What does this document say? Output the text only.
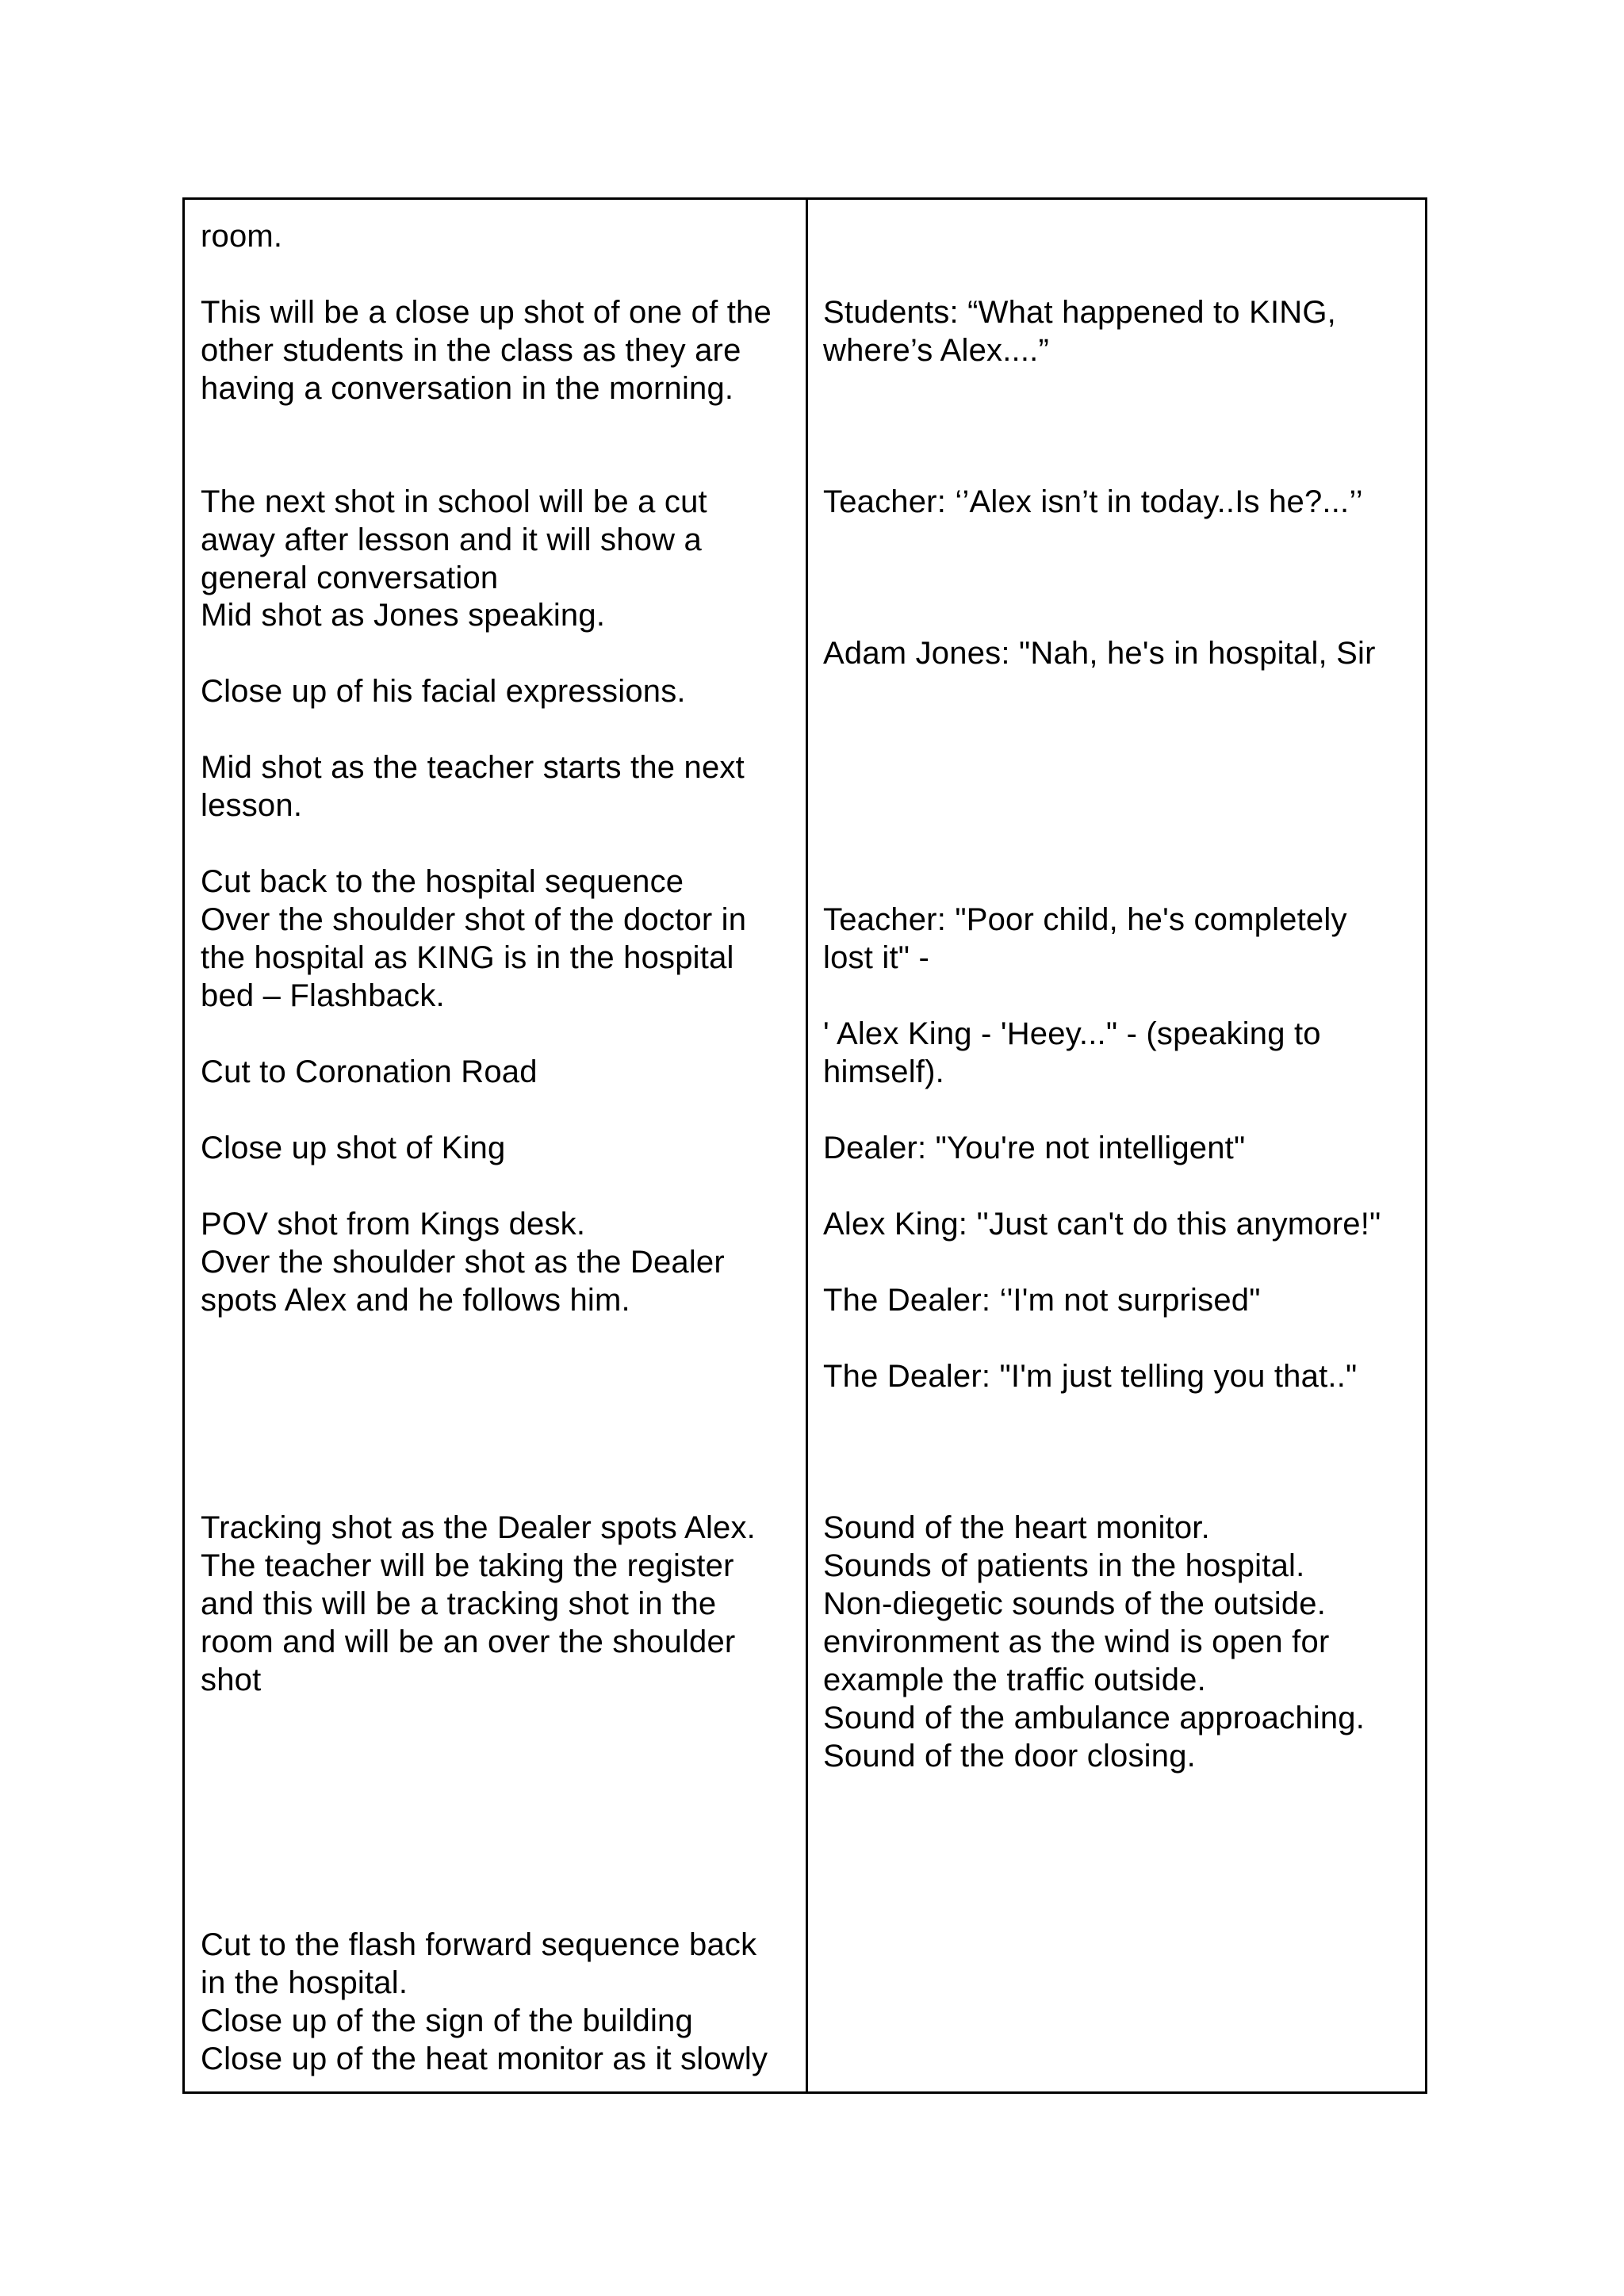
room.
This will be a close up shot of one of the
other students in the class as they are
having a conversation in the morning.
The next shot in school will be a cut
away after lesson and it will show a
general conversation
Mid shot as Jones speaking.
Close up of his facial expressions.
Mid shot as the teacher starts the next
lesson.
Cut back to the hospital sequence
Over the shoulder shot of the doctor in
the hospital as KING is in the hospital
bed – Flashback.
Cut to Coronation Road
Close up shot of King
POV shot from Kings desk.
Over the shoulder shot as the Dealer
spots Alex and he follows him.
Tracking shot as the Dealer spots Alex.
The teacher will be taking the register
and this will be a tracking shot in the
room and will be an over the shoulder
shot
Cut to the flash forward sequence back
in the hospital.
Close up of the sign of the building
Close up of the heat monitor as it slowly
Students: “What happened to KING,
where’s Alex....”
Teacher: ‘’Alex isn’t in today..Is he?...’’
Adam Jones: "Nah, he's in hospital, Sir
Teacher: "Poor child, he's completely
lost it" -
' Alex King - 'Heey..." - (speaking to
himself).
Dealer: "You're not intelligent"
Alex King: ''Just can't do this anymore!"
The Dealer: ‘'I'm not surprised"
The Dealer: "I'm just telling you that.."
Sound of the heart monitor.
Sounds of patients in the hospital.
Non-diegetic sounds of the outside.
environment as the wind is open for
example the traffic outside.
Sound of the ambulance approaching.
Sound of the door closing.
